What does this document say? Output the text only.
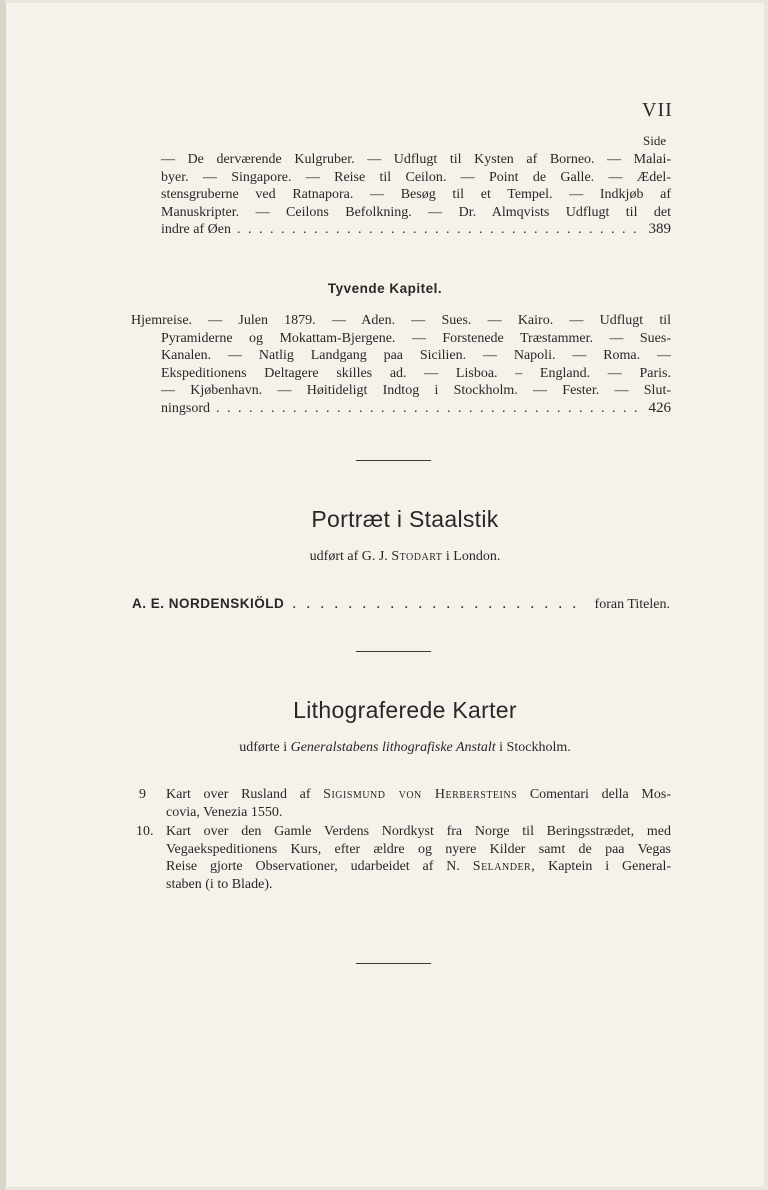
VII
Side
— De derværende Kulgruber. — Udflugt til Kysten af Borneo. — Malai-
byer. — Singapore. — Reise til Ceilon. — Point de Galle. — Ædel-
stensgruberne ved Ratnapora. — Besøg til et Tempel. — Indkjøb af
Manuskripter. — Ceilons Befolkning. — Dr. Almqvists Udflugt til det
indre af Øen . . .	389
Tyvende Kapitel.
Hjemreise. — Julen 1879. — Aden. — Sues. — Kairo. — Udflugt til
Pyramiderne og Mokattam-Bjergene. — Forstenede Træstammer. — Sues-
Kanalen. — Natlig Landgang paa Sicilien. — Napoli. — Roma. —
Ekspeditionens Deltagere skilles ad. — Lisboa. – England. — Paris.
— Kjøbenhavn. — Høitideligt Indtog i Stockholm. — Fester. — Slut-
ningsord . . .	426
Portræt i Staalstik
udført af G. J. Stodart i London.
A. E. NORDENSKIÖLD . . .	foran Titelen.
Lithograferede Karter
udførte i Generalstabens lithografiske Anstalt i Stockholm.
9 Kart over Rusland af Sigismund von Herbersteins Comentari della Mos-
covia, Venezia 1550.
10. Kart over den Gamle Verdens Nordkyst fra Norge til Beringsstrædet, med
Vegaekspeditionens Kurs, efter ældre og nyere Kilder samt de paa Vegas
Reise gjorte Observationer, udarbeidet af N. Selander, Kaptein i General-
staben (i to Blade).
